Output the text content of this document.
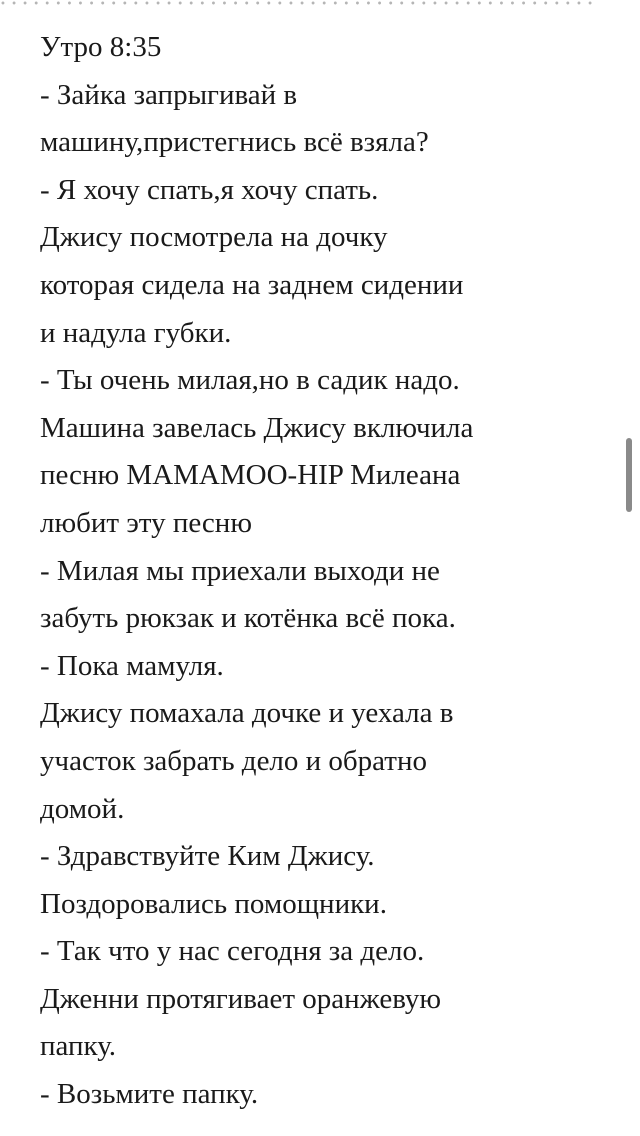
• • • • • • • • • • • • • • • • • • • • • • • • • • • • • • • • • • • • • • • • • • • • • • • • • • • • • •
Утро 8:35
- Зайка запрыгивай в
машину,пристегнись всё взяла?
- Я хочу спать,я хочу спать.
Джису посмотрела на дочку
которая сидела на заднем сидении
и надула губки.
- Ты очень милая,но в садик надо.
Машина завелась Джису включила
песню MAMAMOO-HIP Милеана
любит эту песню
- Милая мы приехали выходи не
забуть рюкзак и котёнка всё пока.
- Пока мамуля.
Джису помахала дочке и уехала в
участок забрать дело и обратно
домой.
- Здравствуйте Ким Джису.
Поздоровались помощники.
- Так что у нас сегодня за дело.
Дженни протягивает оранжевую
папку.
- Возьмите папку.
